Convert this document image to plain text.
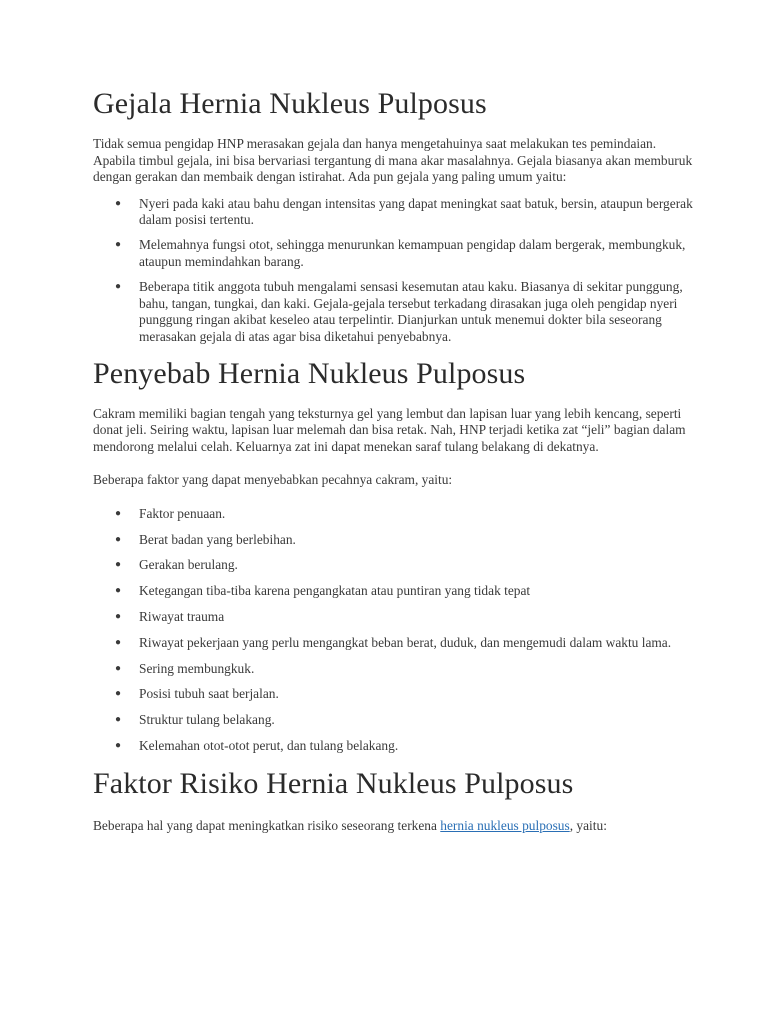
Gejala Hernia Nukleus Pulposus

Tidak semua pengidap HNP merasakan gejala dan hanya mengetahuinya saat melakukan tes pemindaian. Apabila timbul gejala, ini bisa bervariasi tergantung di mana akar masalahnya. Gejala biasanya akan memburuk dengan gerakan dan membaik dengan istirahat. Ada pun gejala yang paling umum yaitu:

● Nyeri pada kaki atau bahu dengan intensitas yang dapat meningkat saat batuk, bersin, ataupun bergerak dalam posisi tertentu.
● Melemahnya fungsi otot, sehingga menurunkan kemampuan pengidap dalam bergerak, membungkuk, ataupun memindahkan barang.
● Beberapa titik anggota tubuh mengalami sensasi kesemutan atau kaku. Biasanya di sekitar punggung, bahu, tangan, tungkai, dan kaki. Gejala-gejala tersebut terkadang dirasakan juga oleh pengidap nyeri punggung ringan akibat keseleo atau terpelintir. Dianjurkan untuk menemui dokter bila seseorang merasakan gejala di atas agar bisa diketahui penyebabnya.
Penyebab Hernia Nukleus Pulposus

Cakram memiliki bagian tengah yang teksturnya gel yang lembut dan lapisan luar yang lebih kencang, seperti donat jeli. Seiring waktu, lapisan luar melemah dan bisa retak. Nah, HNP terjadi ketika zat “jeli” bagian dalam mendorong melalui celah. Keluarnya zat ini dapat menekan saraf tulang belakang di dekatnya.

Beberapa faktor yang dapat menyebabkan pecahnya cakram, yaitu:

● Faktor penuaan.
● Berat badan yang berlebihan.
● Gerakan berulang.
● Ketegangan tiba-tiba karena pengangkatan atau puntiran yang tidak tepat
● Riwayat trauma
● Riwayat pekerjaan yang perlu mengangkat beban berat, duduk, dan mengemudi dalam waktu lama.
● Sering membungkuk.
● Posisi tubuh saat berjalan.
● Struktur tulang belakang.
● Kelemahan otot-otot perut, dan tulang belakang.
Faktor Risiko Hernia Nukleus Pulposus

Beberapa hal yang dapat meningkatkan risiko seseorang terkena hernia nukleus pulposus, yaitu:
